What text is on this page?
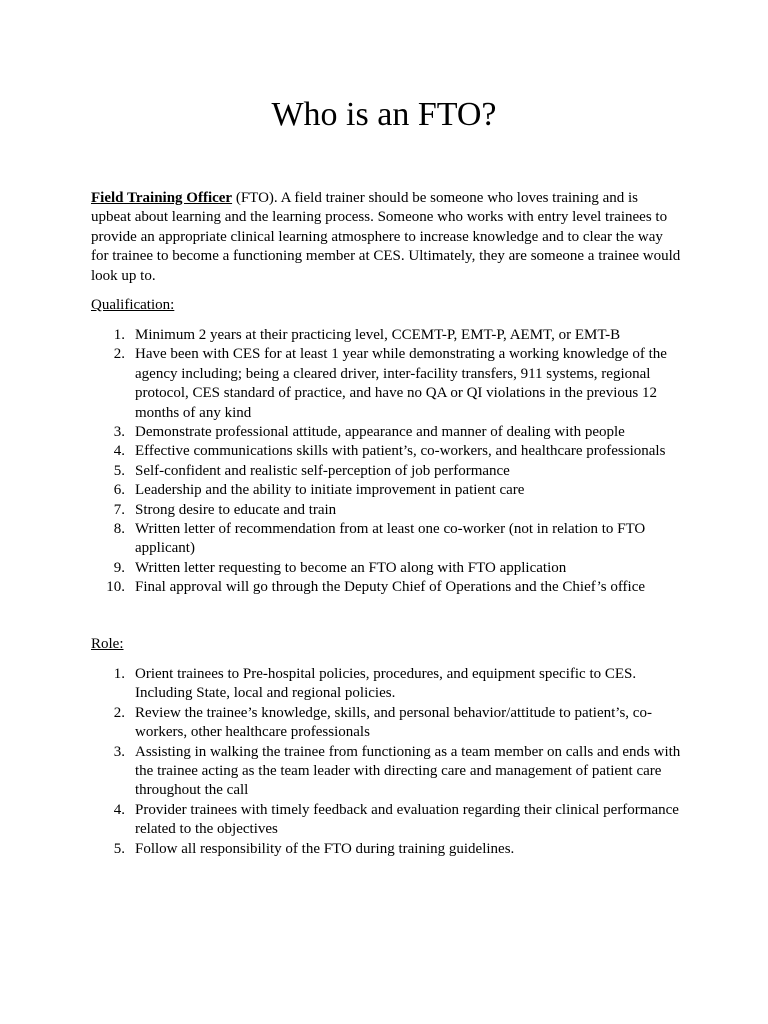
Who is an FTO?

Field Training Officer (FTO). A field trainer should be someone who loves training and is upbeat about learning and the learning process. Someone who works with entry level trainees to provide an appropriate clinical learning atmosphere to increase knowledge and to clear the way for trainee to become a functioning member at CES. Ultimately, they are someone a trainee would look up to.

Qualification:

1. Minimum 2 years at their practicing level, CCEMT-P, EMT-P, AEMT, or EMT-B
2. Have been with CES for at least 1 year while demonstrating a working knowledge of the agency including; being a cleared driver, inter-facility transfers, 911 systems, regional protocol, CES standard of practice, and have no QA or QI violations in the previous 12 months of any kind
3. Demonstrate professional attitude, appearance and manner of dealing with people
4. Effective communications skills with patient’s, co-workers, and healthcare professionals
5. Self-confident and realistic self-perception of job performance
6. Leadership and the ability to initiate improvement in patient care
7. Strong desire to educate and train
8. Written letter of recommendation from at least one co-worker (not in relation to FTO applicant)
9. Written letter requesting to become an FTO along with FTO application
10. Final approval will go through the Deputy Chief of Operations and the Chief’s office

Role:

1. Orient trainees to Pre-hospital policies, procedures, and equipment specific to CES. Including State, local and regional policies.
2. Review the trainee’s knowledge, skills, and personal behavior/attitude to patient’s, co-workers, other healthcare professionals
3. Assisting in walking the trainee from functioning as a team member on calls and ends with the trainee acting as the team leader with directing care and management of patient care throughout the call
4. Provider trainees with timely feedback and evaluation regarding their clinical performance related to the objectives
5. Follow all responsibility of the FTO during training guidelines.
